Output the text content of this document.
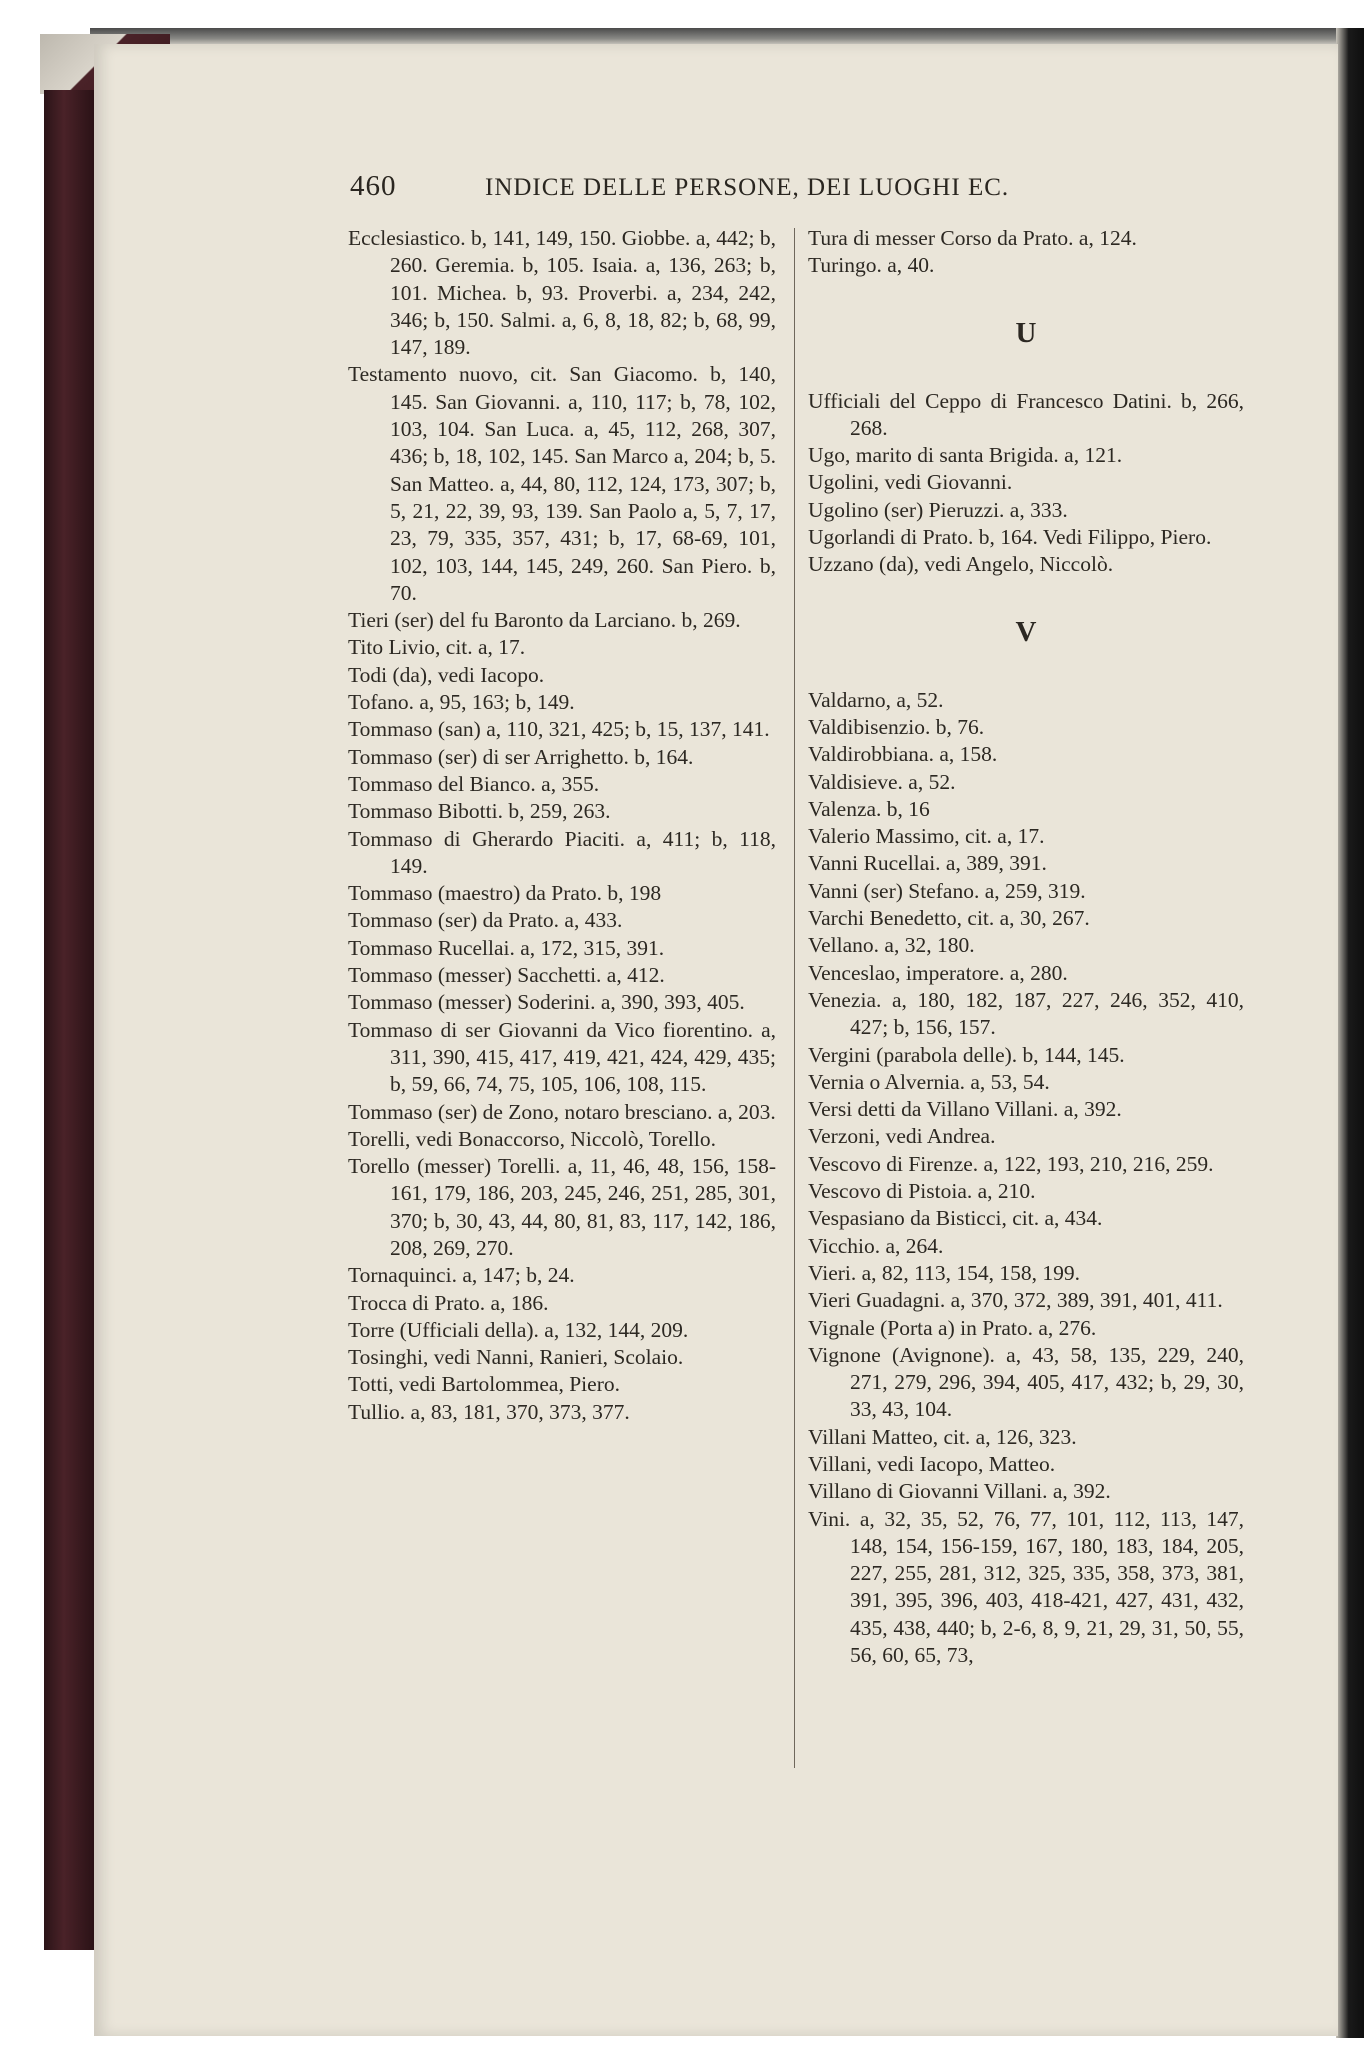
460	INDICE DELLE PERSONE, DEI LUOGHI EC.

Ecclesiastico. b, 141, 149, 150. Giobbe. a, 442; b, 260. Geremia. b, 105. Isaia. a, 136, 263; b, 101. Michea. b, 93. Proverbi. a, 234, 242, 346; b, 150. Salmi. a, 6, 8, 18, 82; b, 68, 99, 147, 189.

Testamento nuovo, cit. San Giacomo. b, 140, 145. San Giovanni. a, 110, 117; b, 78, 102, 103, 104. San Luca. a, 45, 112, 268, 307, 436; b, 18, 102, 145. San Marco a, 204; b, 5. San Matteo. a, 44, 80, 112, 124, 173, 307; b, 5, 21, 22, 39, 93, 139. San Paolo a, 5, 7, 17, 23, 79, 335, 357, 431; b, 17, 68-69, 101, 102, 103, 144, 145, 249, 260. San Piero. b, 70.

Tieri (ser) del fu Baronto da Larciano. b, 269.

Tito Livio, cit. a, 17.

Todi (da), vedi Iacopo.

Tofano. a, 95, 163; b, 149.

Tommaso (san) a, 110, 321, 425; b, 15, 137, 141.

Tommaso (ser) di ser Arrighetto. b, 164.

Tommaso del Bianco. a, 355.

Tommaso Bibotti. b, 259, 263.

Tommaso di Gherardo Piaciti. a, 411; b, 118, 149.

Tommaso (maestro) da Prato. b, 198

Tommaso (ser) da Prato. a, 433.

Tommaso Rucellai. a, 172, 315, 391.

Tommaso (messer) Sacchetti. a, 412.

Tommaso (messer) Soderini. a, 390, 393, 405.

Tommaso di ser Giovanni da Vico fiorentino. a, 311, 390, 415, 417, 419, 421, 424, 429, 435; b, 59, 66, 74, 75, 105, 106, 108, 115.

Tommaso (ser) de Zono, notaro bresciano. a, 203.

Torelli, vedi Bonaccorso, Niccolò, Torello.

Torello (messer) Torelli. a, 11, 46, 48, 156, 158-161, 179, 186, 203, 245, 246, 251, 285, 301, 370; b, 30, 43, 44, 80, 81, 83, 117, 142, 186, 208, 269, 270.

Tornaquinci. a, 147; b, 24.

Trocca di Prato. a, 186.

Torre (Ufficiali della). a, 132, 144, 209.

Tosinghi, vedi Nanni, Ranieri, Scolaio.

Totti, vedi Bartolommea, Piero.

Tullio. a, 83, 181, 370, 373, 377.

Tura di messer Corso da Prato. a, 124.

Turingo. a, 40.

U

Ufficiali del Ceppo di Francesco Datini. b, 266, 268.

Ugo, marito di santa Brigida. a, 121.

Ugolini, vedi Giovanni.

Ugolino (ser) Pieruzzi. a, 333.

Ugorlandi di Prato. b, 164. Vedi Filippo, Piero.

Uzzano (da), vedi Angelo, Niccolò.

V

Valdarno, a, 52.

Valdibisenzio. b, 76.

Valdirobbiana. a, 158.

Valdisieve. a, 52.

Valenza. b, 16

Valerio Massimo, cit. a, 17.

Vanni Rucellai. a, 389, 391.

Vanni (ser) Stefano. a, 259, 319.

Varchi Benedetto, cit. a, 30, 267.

Vellano. a, 32, 180.

Venceslao, imperatore. a, 280.

Venezia. a, 180, 182, 187, 227, 246, 352, 410, 427; b, 156, 157.

Vergini (parabola delle). b, 144, 145.

Vernia o Alvernia. a, 53, 54.

Versi detti da Villano Villani. a, 392.

Verzoni, vedi Andrea.

Vescovo di Firenze. a, 122, 193, 210, 216, 259.

Vescovo di Pistoia. a, 210.

Vespasiano da Bisticci, cit. a, 434.

Vicchio. a, 264.

Vieri. a, 82, 113, 154, 158, 199.

Vieri Guadagni. a, 370, 372, 389, 391, 401, 411.

Vignale (Porta a) in Prato. a, 276.

Vignone (Avignone). a, 43, 58, 135, 229, 240, 271, 279, 296, 394, 405, 417, 432; b, 29, 30, 33, 43, 104.

Villani Matteo, cit. a, 126, 323.

Villani, vedi Iacopo, Matteo.

Villano di Giovanni Villani. a, 392.

Vini. a, 32, 35, 52, 76, 77, 101, 112, 113, 147, 148, 154, 156-159, 167, 180, 183, 184, 205, 227, 255, 281, 312, 325, 335, 358, 373, 381, 391, 395, 396, 403, 418-421, 427, 431, 432, 435, 438, 440; b, 2-6, 8, 9, 21, 29, 31, 50, 55, 56, 60, 65, 73,
